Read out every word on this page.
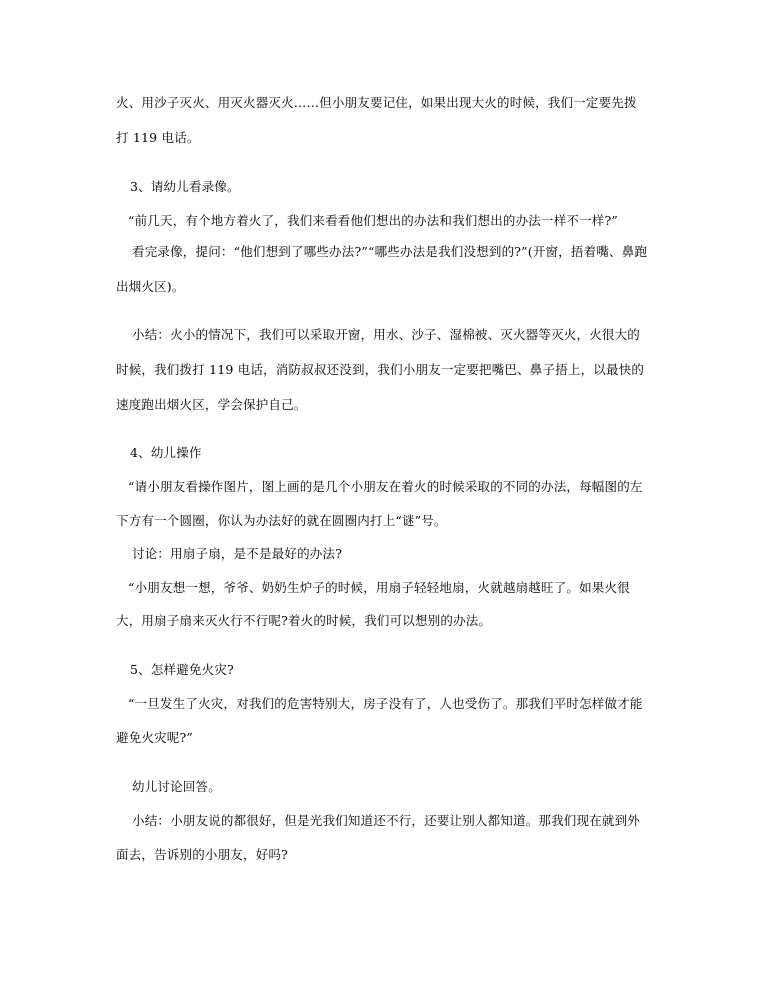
火、用沙子灭火、用灭火器灭火……但小朋友要记住，如果出现大火的时候，我们一定要先拨
打 119 电话。
3、请幼儿看录像。
“前几天，有个地方着火了，我们来看看他们想出的办法和我们想出的办法一样不一样?”
看完录像，提问：“他们想到了哪些办法?”“哪些办法是我们没想到的?”(开窗，捂着嘴、鼻跑
出烟火区)。
小结：火小的情况下，我们可以采取开窗，用水、沙子、湿棉被、灭火器等灭火，火很大的
时候，我们拨打 119 电话，消防叔叔还没到，我们小朋友一定要把嘴巴、鼻子捂上，以最快的
速度跑出烟火区，学会保护自己。
4、幼儿操作
“请小朋友看操作图片，图上画的是几个小朋友在着火的时候采取的不同的办法，每幅图的左
下方有一个圆圈，你认为办法好的就在圆圈内打上“谜”号。
讨论：用扇子扇，是不是最好的办法?
“小朋友想一想，爷爷、奶奶生炉子的时候，用扇子轻轻地扇，火就越扇越旺了。如果火很
大，用扇子扇来灭火行不行呢?着火的时候，我们可以想别的办法。
5、怎样避免火灾?
“一旦发生了火灾，对我们的危害特别大，房子没有了，人也受伤了。那我们平时怎样做才能
避免火灾呢?”
幼儿讨论回答。
小结：小朋友说的都很好，但是光我们知道还不行，还要让别人都知道。那我们现在就到外
面去，告诉别的小朋友，好吗?
